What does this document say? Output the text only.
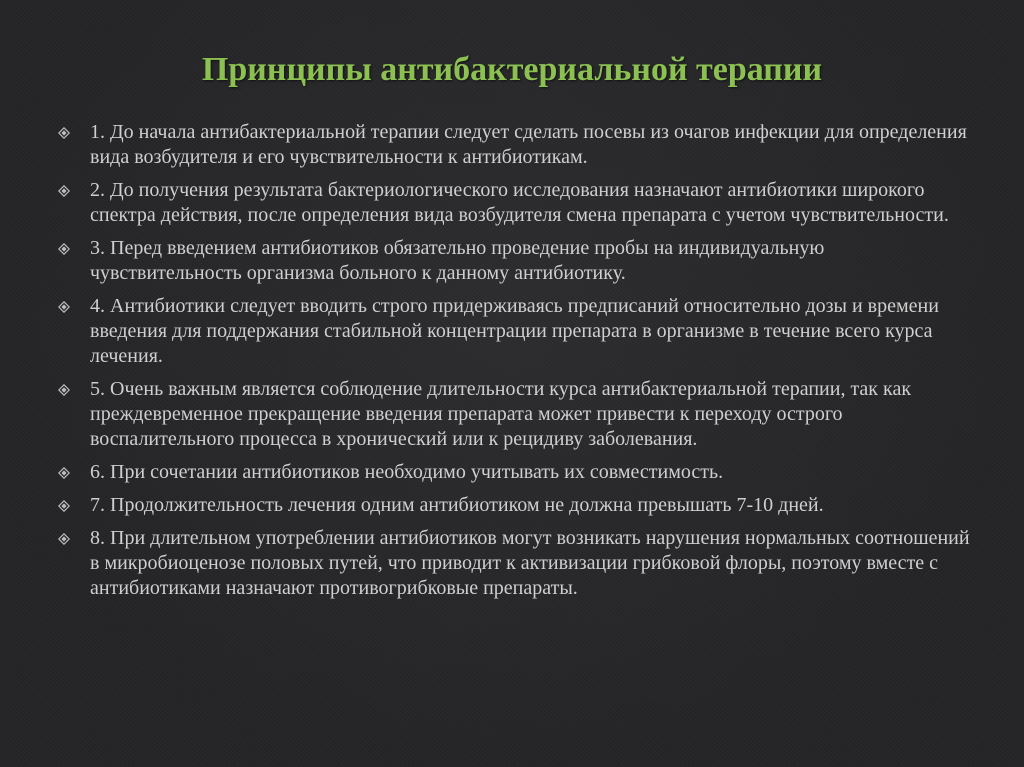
Принципы антибактериальной терапии
1. До начала антибактериальной терапии следует сделать посевы из очагов инфекции для определения вида возбудителя и его чувствительности к антибиотикам.
2. До получения результата бактериологического исследования назначают антибиотики широкого спектра действия, после определения вида возбудителя смена препарата с учетом чувствительности.
3. Перед введением антибиотиков обязательно проведение пробы на индивидуальную чувствительность организма больного к данному антибиотику.
4. Антибиотики следует вводить строго придерживаясь предписаний относительно дозы и времени введения для поддержания стабильной концентрации препарата в организме в течение всего курса лечения.
5. Очень важным является соблюдение длительности курса антибактериальной терапии, так как преждевременное прекращение введения препарата может привести к переходу острого воспалительного процесса в хронический или к рецидиву заболевания.
6. При сочетании антибиотиков необходимо учитывать их совместимость.
7. Продолжительность лечения одним антибиотиком не должна превышать 7-10 дней.
8. При длительном употреблении антибиотиков могут возникать нарушения нормальных соотношений в микробиоценозе половых путей, что приводит к активизации грибковой флоры, поэтому вместе с антибиотиками назначают противогрибковые препараты.
